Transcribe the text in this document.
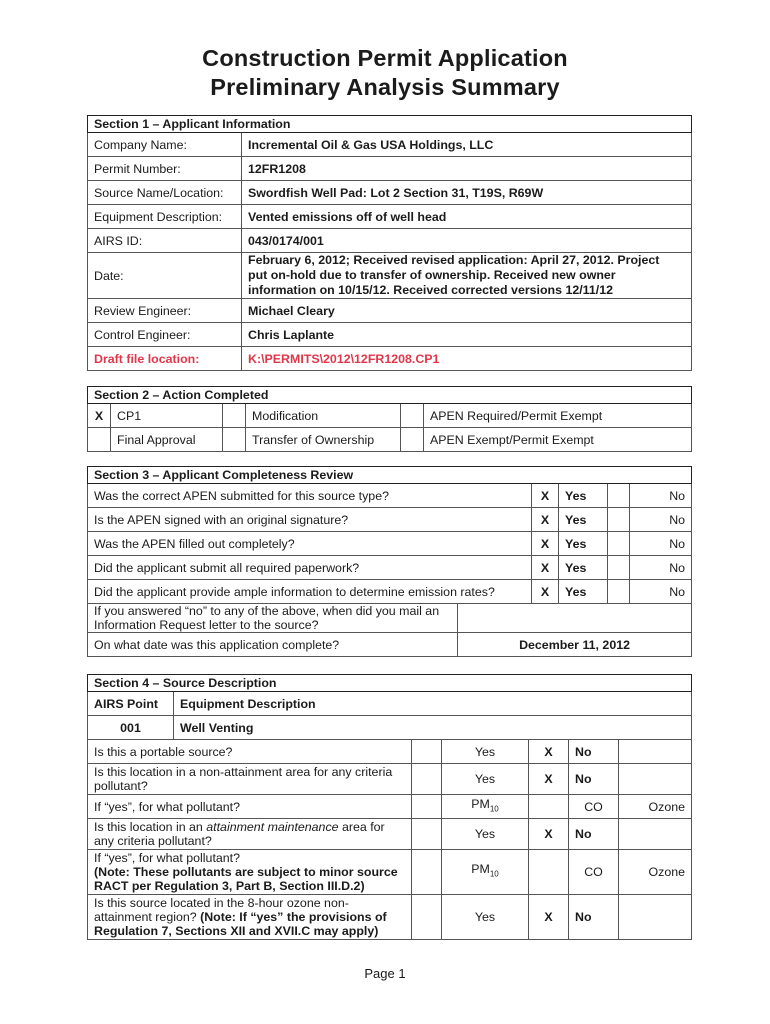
Construction Permit Application
Preliminary Analysis Summary
Section 1 – Applicant Information	
Company Name:	Incremental Oil & Gas USA Holdings, LLC
Permit Number:	12FR1208
Source Name/Location:	Swordfish Well Pad: Lot 2 Section 31, T19S, R69W
Equipment Description:	Vented emissions off of well head
AIRS ID:	043/0174/001
Date:	February 6, 2012; Received revised application: April 27, 2012. Project
put on-hold due to transfer of ownership. Received new owner
information on 10/15/12. Received corrected versions 12/11/12

Review Engineer:	Michael Cleary
Control Engineer:	Chris Laplante
Draft file location:	K:\PERMITS\2012\12FR1208.CP1
Section 2 – Action Completed					
X	CP1		Modification		APEN Required/Permit Exempt
	Final Approval		Transfer of Ownership		APEN Exempt/Permit Exempt
Section 3 – Applicant Completeness Review					
Was the correct APEN submitted for this source type?		X	Yes		No
Is the APEN signed with an original signature?		X	Yes		No
Was the APEN filled out completely?		X	Yes		No
Did the applicant submit all required paperwork?		X	Yes		No
Did the applicant provide ample information to determine emission rates?		X	Yes		No

If you answered “no” to any of the above, when did you mail an
Information Request letter to the source?					

On what date was this application complete?	December 11, 2012				
Section 4 – Source Description						
AIRS Point	Equipment Description					
001	Well Venting					
Is this a portable source?			Yes	X	No	

Is this location in a non-attainment area for any criteria
pollutant?			Yes	X	No	
If “yes”, for what pollutant?			$PM_{10}$		CO	Ozone

Is this location in an attainment maintenance area for
any criteria pollutant?			Yes	X	No	

If “yes”, for what pollutant?
(Note: These pollutants are subject to minor source
RACT per Regulation 3, Part B, Section III.D.2)			$PM_{10}$		CO	Ozone

Is this source located in the 8-hour ozone non-
attainment region? (Note: If “yes” the provisions of
Regulation 7, Sections XII and XVII.C may apply)			Yes	X	No	
Page 1
